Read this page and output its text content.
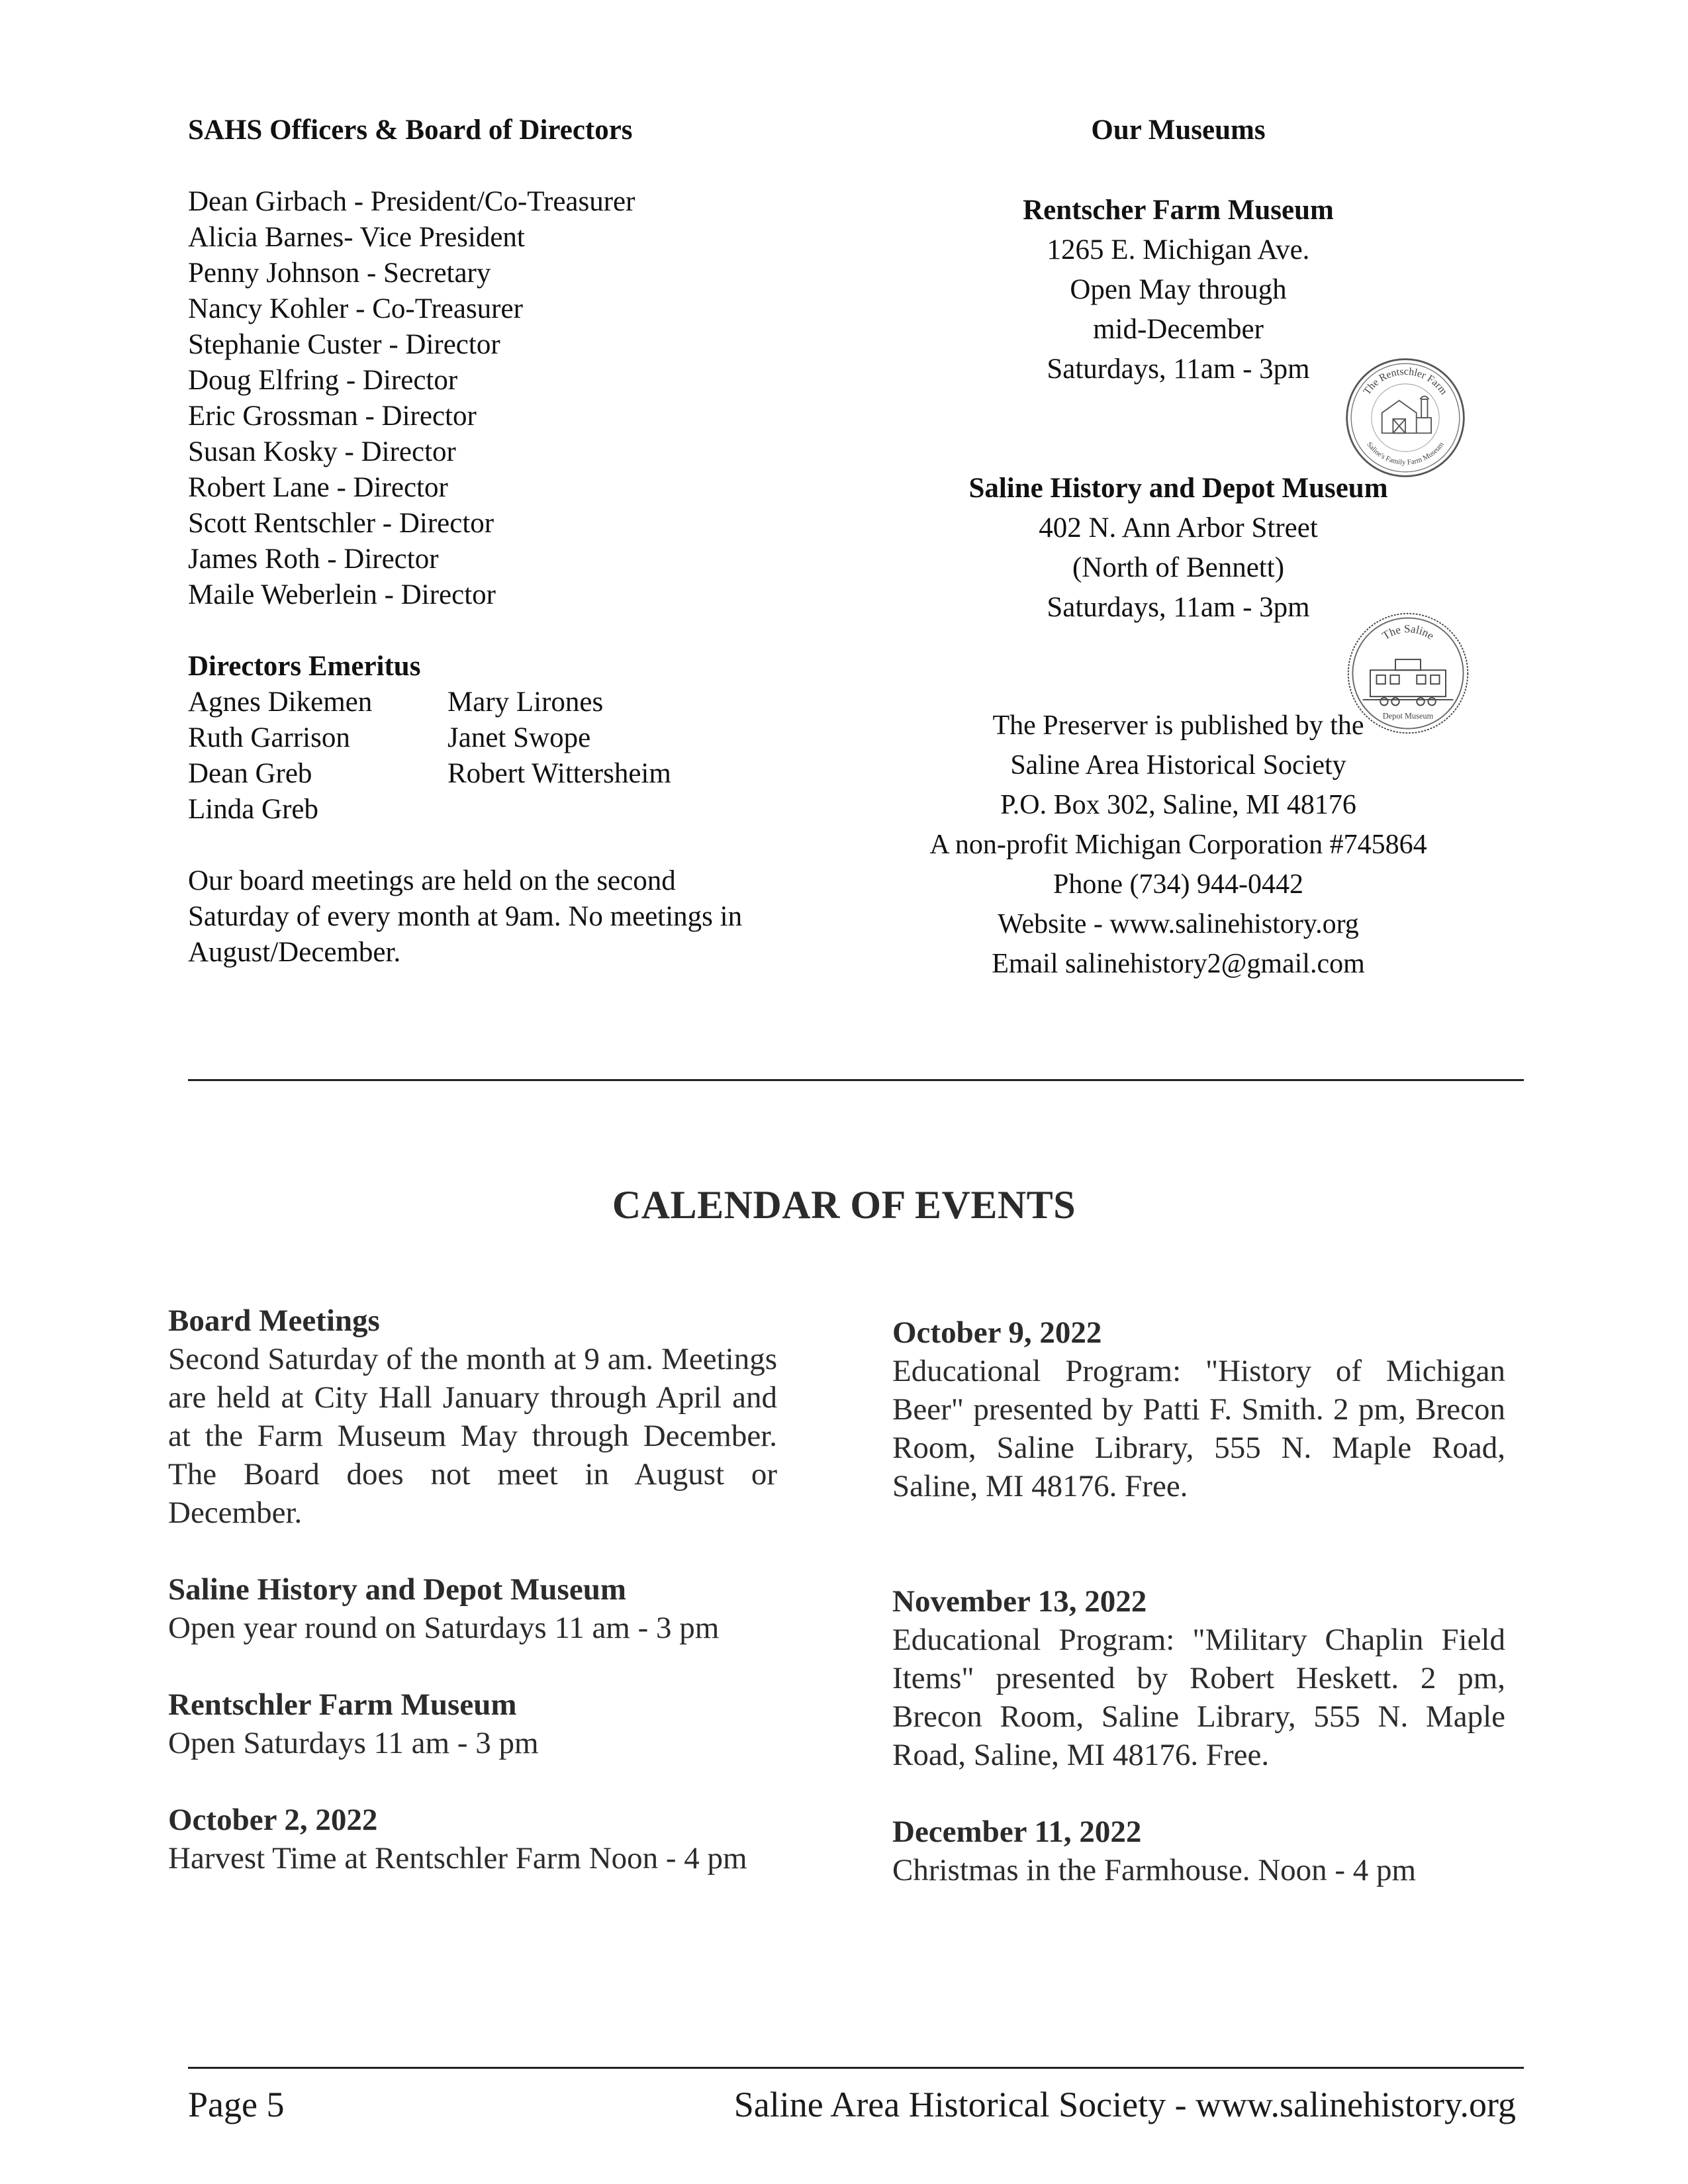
SAHS Officers & Board of Directors
Dean Girbach - President/Co-Treasurer
Alicia Barnes- Vice President
Penny Johnson - Secretary
Nancy Kohler - Co-Treasurer
Stephanie Custer - Director
Doug Elfring - Director
Eric Grossman - Director
Susan Kosky - Director
Robert Lane - Director
Scott Rentschler - Director
James Roth - Director
Maile Weberlein - Director
Directors Emeritus
Agnes Dikemen	Mary Lirones
Ruth Garrison	Janet Swope
Dean Greb	Robert Wittersheim
Linda Greb
Our board meetings are held on the second Saturday of every month at 9am. No meetings in August/December.
Our Museums
Rentscher Farm Museum
1265 E. Michigan Ave.
Open May through
mid-December
Saturdays, 11am - 3pm
Saline History and Depot Museum
402 N. Ann Arbor Street
(North of Bennett)
Saturdays, 11am - 3pm
The Preserver is published by the
Saline Area Historical Society
P.O. Box 302, Saline, MI 48176
A non-profit Michigan Corporation #745864
Phone (734) 944-0442
Website - www.salinehistory.org
Email salinehistory2@gmail.com
The Rentschler Farm
Saline's Family Farm Museum
The Saline
Depot Museum
CALENDAR OF EVENTS
Board Meetings
Second Saturday of the month at 9 am. Meetings are held at City Hall January through April and at the Farm Museum May through December. The Board does not meet in August or December.
Saline History and Depot Museum
Open year round on Saturdays 11 am - 3 pm
Rentschler Farm Museum
Open Saturdays 11 am - 3 pm
October 2, 2022
Harvest Time at Rentschler Farm Noon - 4 pm
October 9, 2022
Educational Program: "History of Michigan Beer" presented by Patti F. Smith. 2 pm, Brecon Room, Saline Library, 555 N. Maple Road, Saline, MI 48176. Free.
November 13, 2022
Educational Program: "Military Chaplin Field Items" presented by Robert Heskett. 2 pm, Brecon Room, Saline Library, 555 N. Maple Road, Saline, MI 48176. Free.
December 11, 2022
Christmas in the Farmhouse. Noon - 4 pm
Page 5	Saline Area Historical Society - www.salinehistory.org
